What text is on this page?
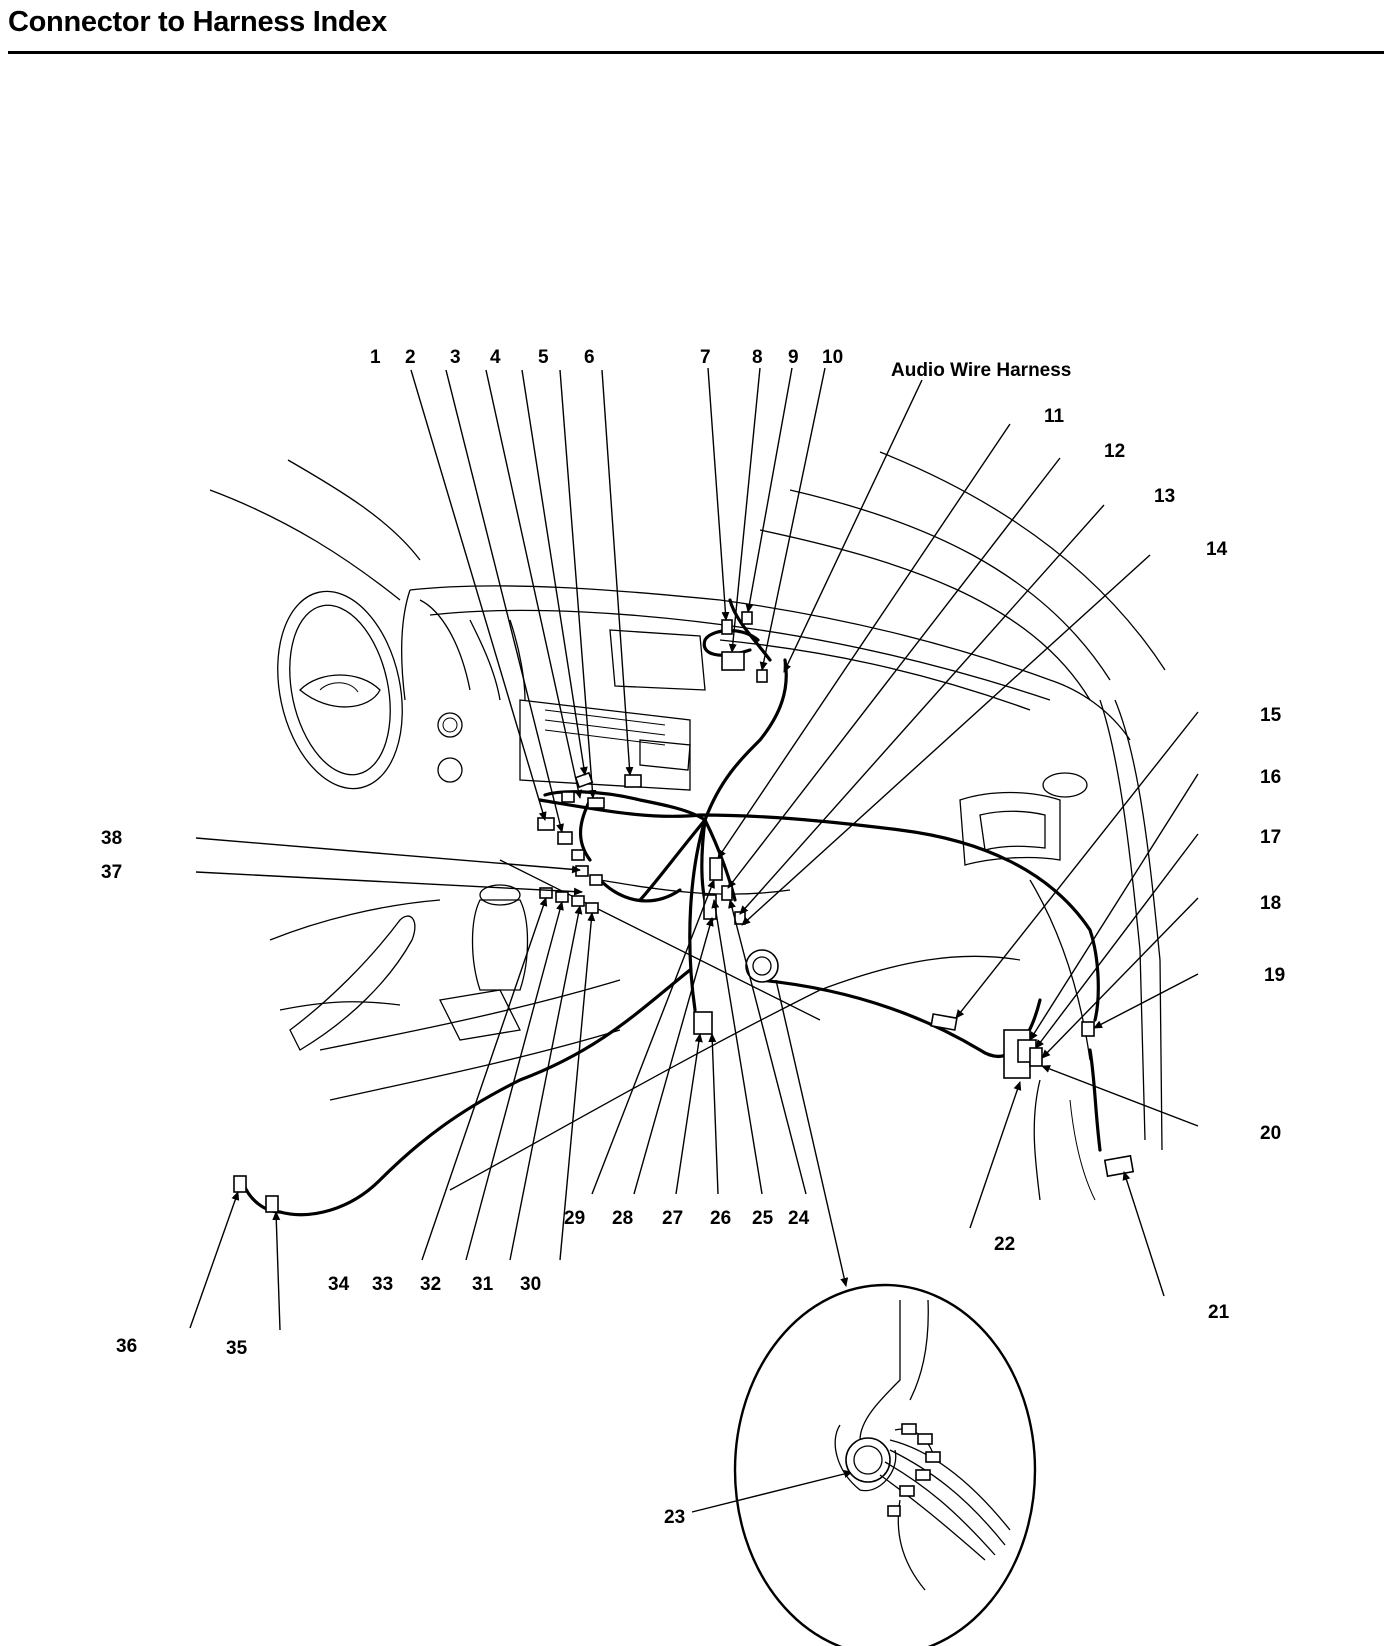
Connector to Harness Index
1 2 3 4 5 6	7 8 9 10
11
12
13
14
15
16
17
18
19
20
21
22
23
24
25
26
27
28
29
30
31
32
33
34
35
36
37
38
Audio Wire Harness
